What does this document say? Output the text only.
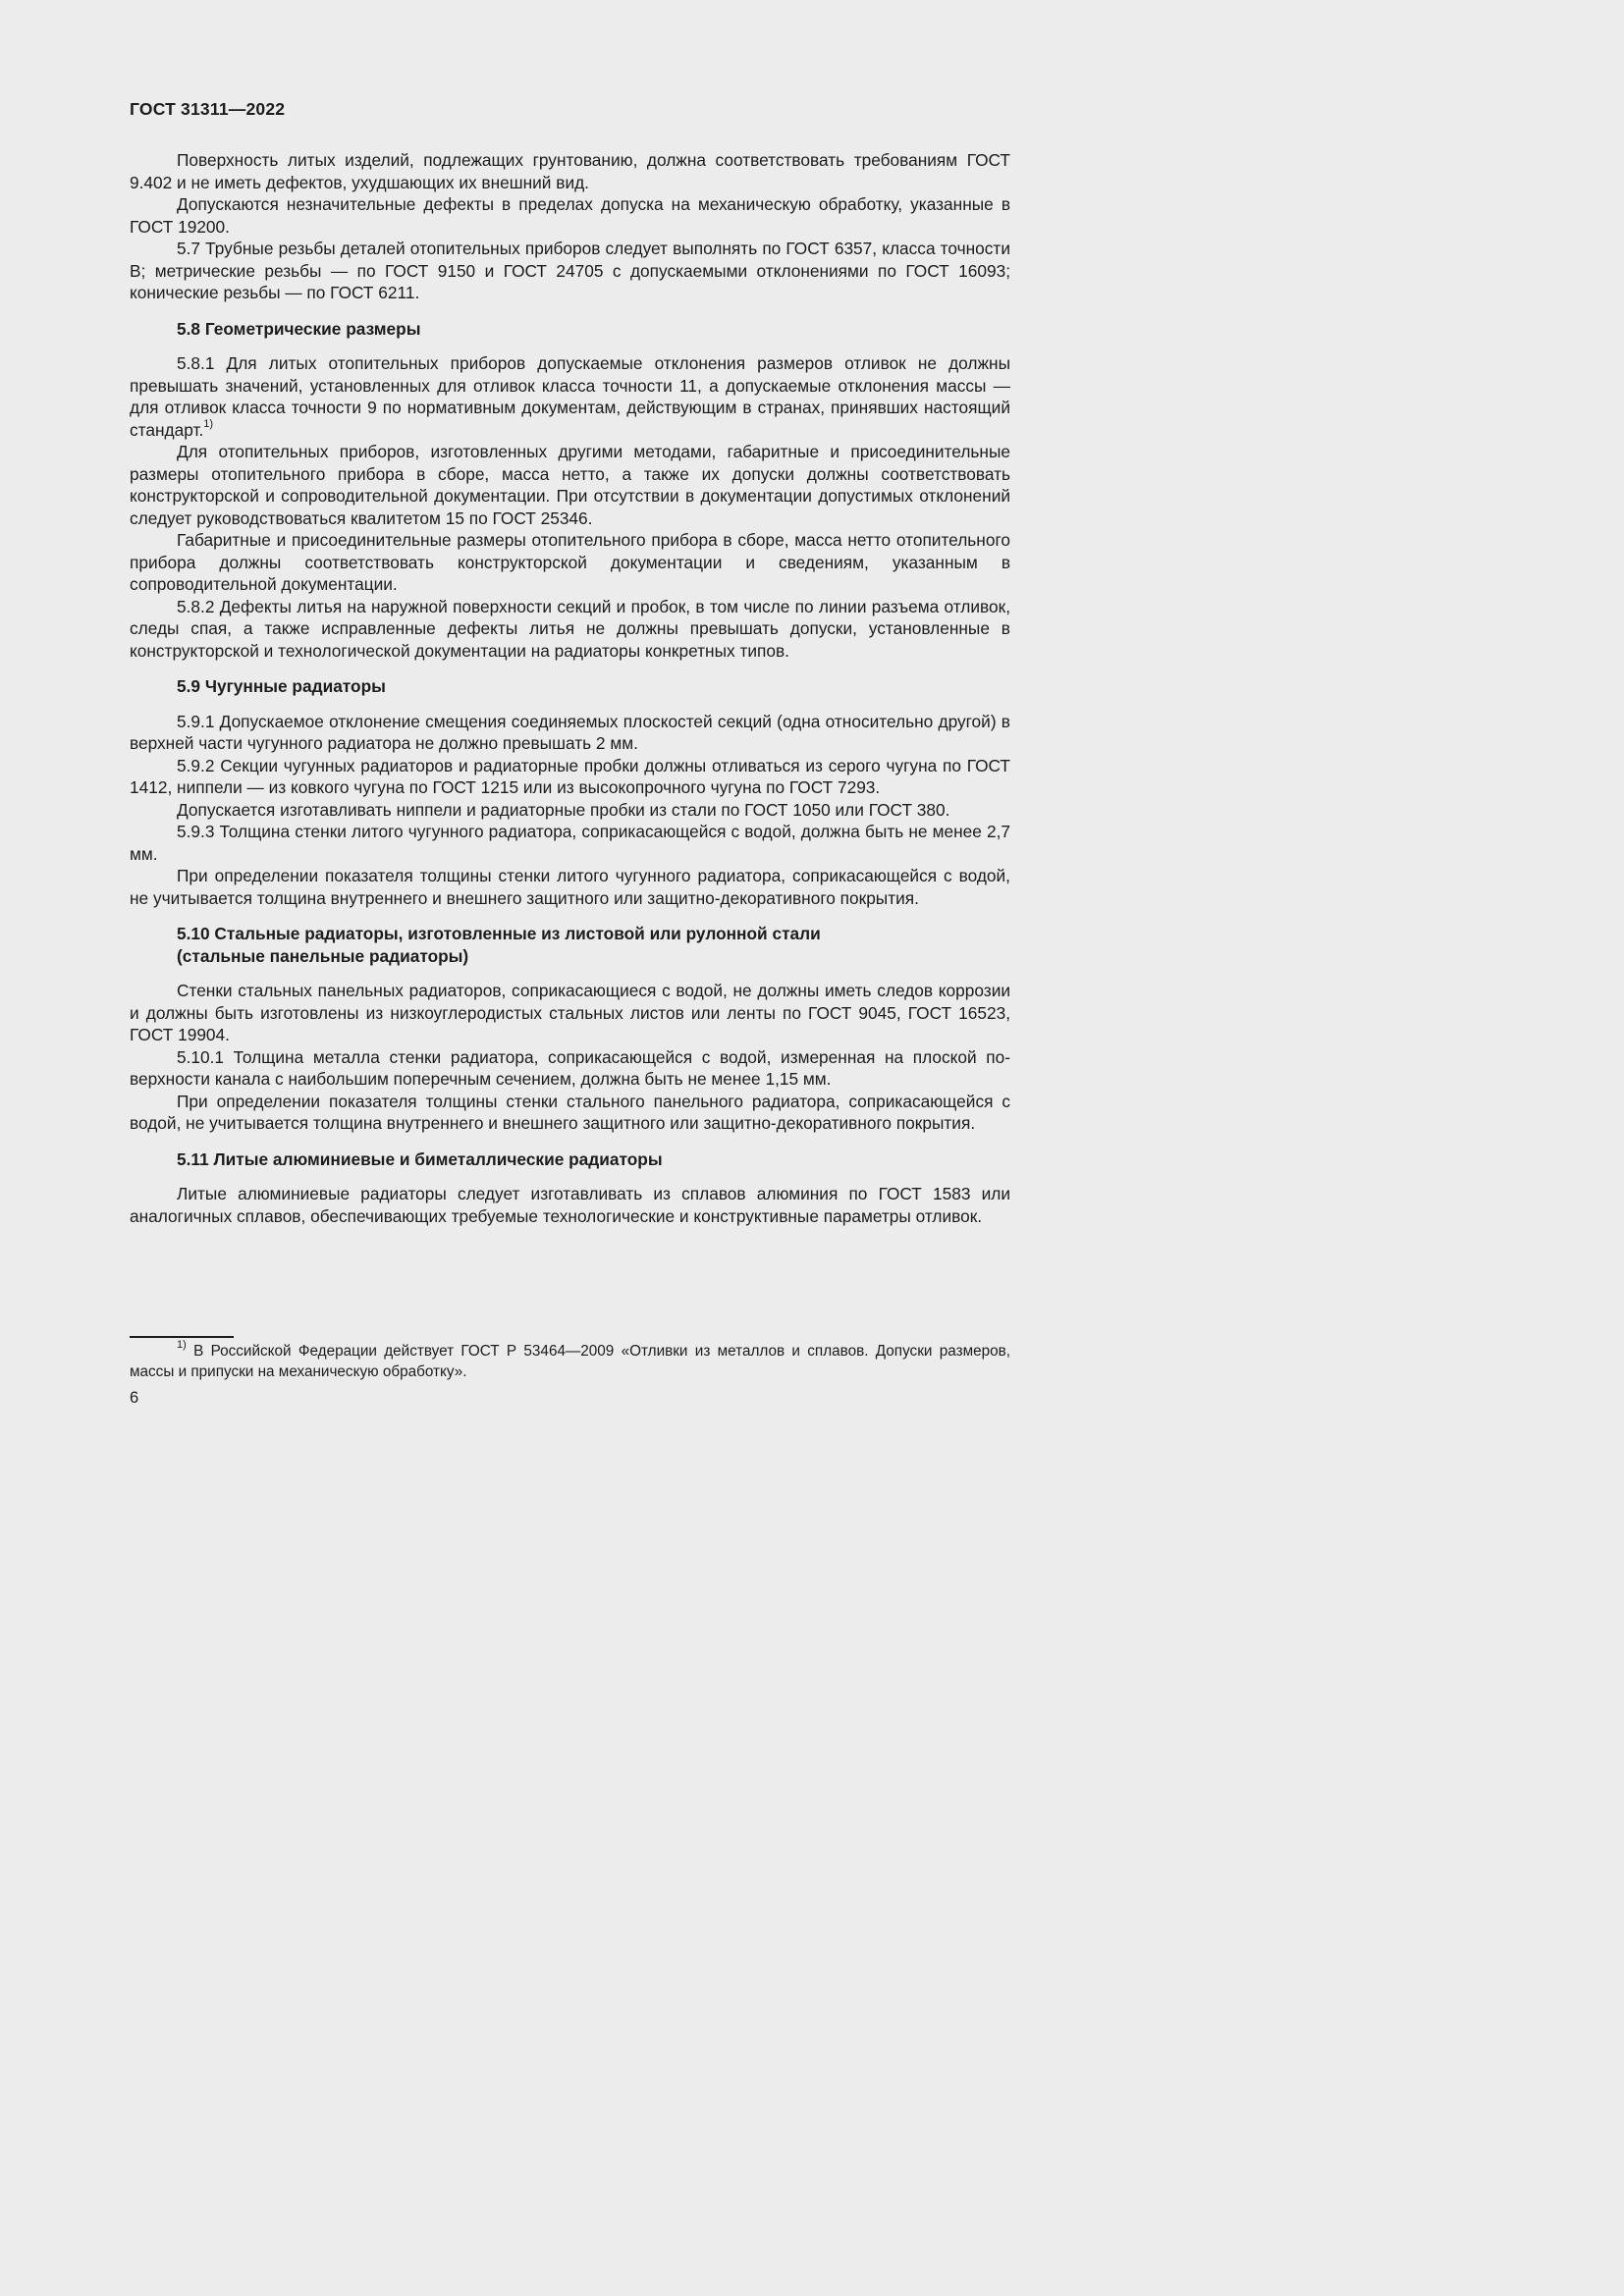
ГОСТ 31311—2022

Поверхность литых изделий, подлежащих грунтованию, должна соответствовать требованиям ГОСТ 9.402 и не иметь дефектов, ухудшающих их внешний вид.

Допускаются незначительные дефекты в пределах допуска на механическую обработку, указанные в ГОСТ 19200.

5.7 Трубные резьбы деталей отопительных приборов следует выполнять по ГОСТ 6357, класса точности В; метрические резьбы — по ГОСТ 9150 и ГОСТ 24705 с допускаемыми отклонениями по ГОСТ 16093; конические резьбы — по ГОСТ 6211.

5.8 Геометрические размеры

5.8.1 Для литых отопительных приборов допускаемые отклонения размеров отливок не должны превышать значений, установленных для отливок класса точности 11, а допускаемые отклонения массы — для отливок класса точности 9 по нормативным документам, действующим в странах, принявших настоящий стандарт.$^{1)}$

Для отопительных приборов, изготовленных другими методами, габаритные и присоединительные размеры отопительного прибора в сборе, масса нетто, а также их допуски должны соответствовать конструкторской и сопроводительной документации. При отсутствии в документации допустимых отклонений следует руководствоваться квалитетом 15 по ГОСТ 25346.

Габаритные и присоединительные размеры отопительного прибора в сборе, масса нетто отопительного прибора должны соответствовать конструкторской документации и сведениям, указанным в сопроводительной документации.

5.8.2 Дефекты литья на наружной поверхности секций и пробок, в том числе по линии разъема отливок, следы спая, а также исправленные дефекты литья не должны превышать допуски, установленные в конструкторской и технологической документации на радиаторы конкретных типов.

5.9 Чугунные радиаторы

5.9.1 Допускаемое отклонение смещения соединяемых плоскостей секций (одна относительно другой) в верхней части чугунного радиатора не должно превышать 2 мм.

5.9.2 Секции чугунных радиаторов и радиаторные пробки должны отливаться из серого чугуна по ГОСТ 1412, ниппели — из ковкого чугуна по ГОСТ 1215 или из высокопрочного чугуна по ГОСТ 7293.

Допускается изготавливать ниппели и радиаторные пробки из стали по ГОСТ 1050 или ГОСТ 380.

5.9.3 Толщина стенки литого чугунного радиатора, соприкасающейся с водой, должна быть не менее 2,7 мм.

При определении показателя толщины стенки литого чугунного радиатора, соприкасающейся с водой, не учитывается толщина внутреннего и внешнего защитного или защитно-декоративного покрытия.

5.10 Стальные радиаторы, изготовленные из листовой или рулонной стали
(стальные панельные радиаторы)

Стенки стальных панельных радиаторов, соприкасающиеся с водой, не должны иметь следов коррозии и должны быть изготовлены из низкоуглеродистых стальных листов или ленты по ГОСТ 9045, ГОСТ 16523, ГОСТ 19904.

5.10.1 Толщина металла стенки радиатора, соприкасающейся с водой, измеренная на плоской поверхности канала с наибольшим поперечным сечением, должна быть не менее 1,15 мм.

При определении показателя толщины стенки стального панельного радиатора, соприкасающейся с водой, не учитывается толщина внутреннего и внешнего защитного или защитно-декоративного покрытия.

5.11 Литые алюминиевые и биметаллические радиаторы

Литые алюминиевые радиаторы следует изготавливать из сплавов алюминия по ГОСТ 1583 или аналогичных сплавов, обеспечивающих требуемые технологические и конструктивные параметры отливок.

$^{1)}$ В Российской Федерации действует ГОСТ Р 53464—2009 «Отливки из металлов и сплавов. Допуски размеров, массы и припуски на механическую обработку».

6
